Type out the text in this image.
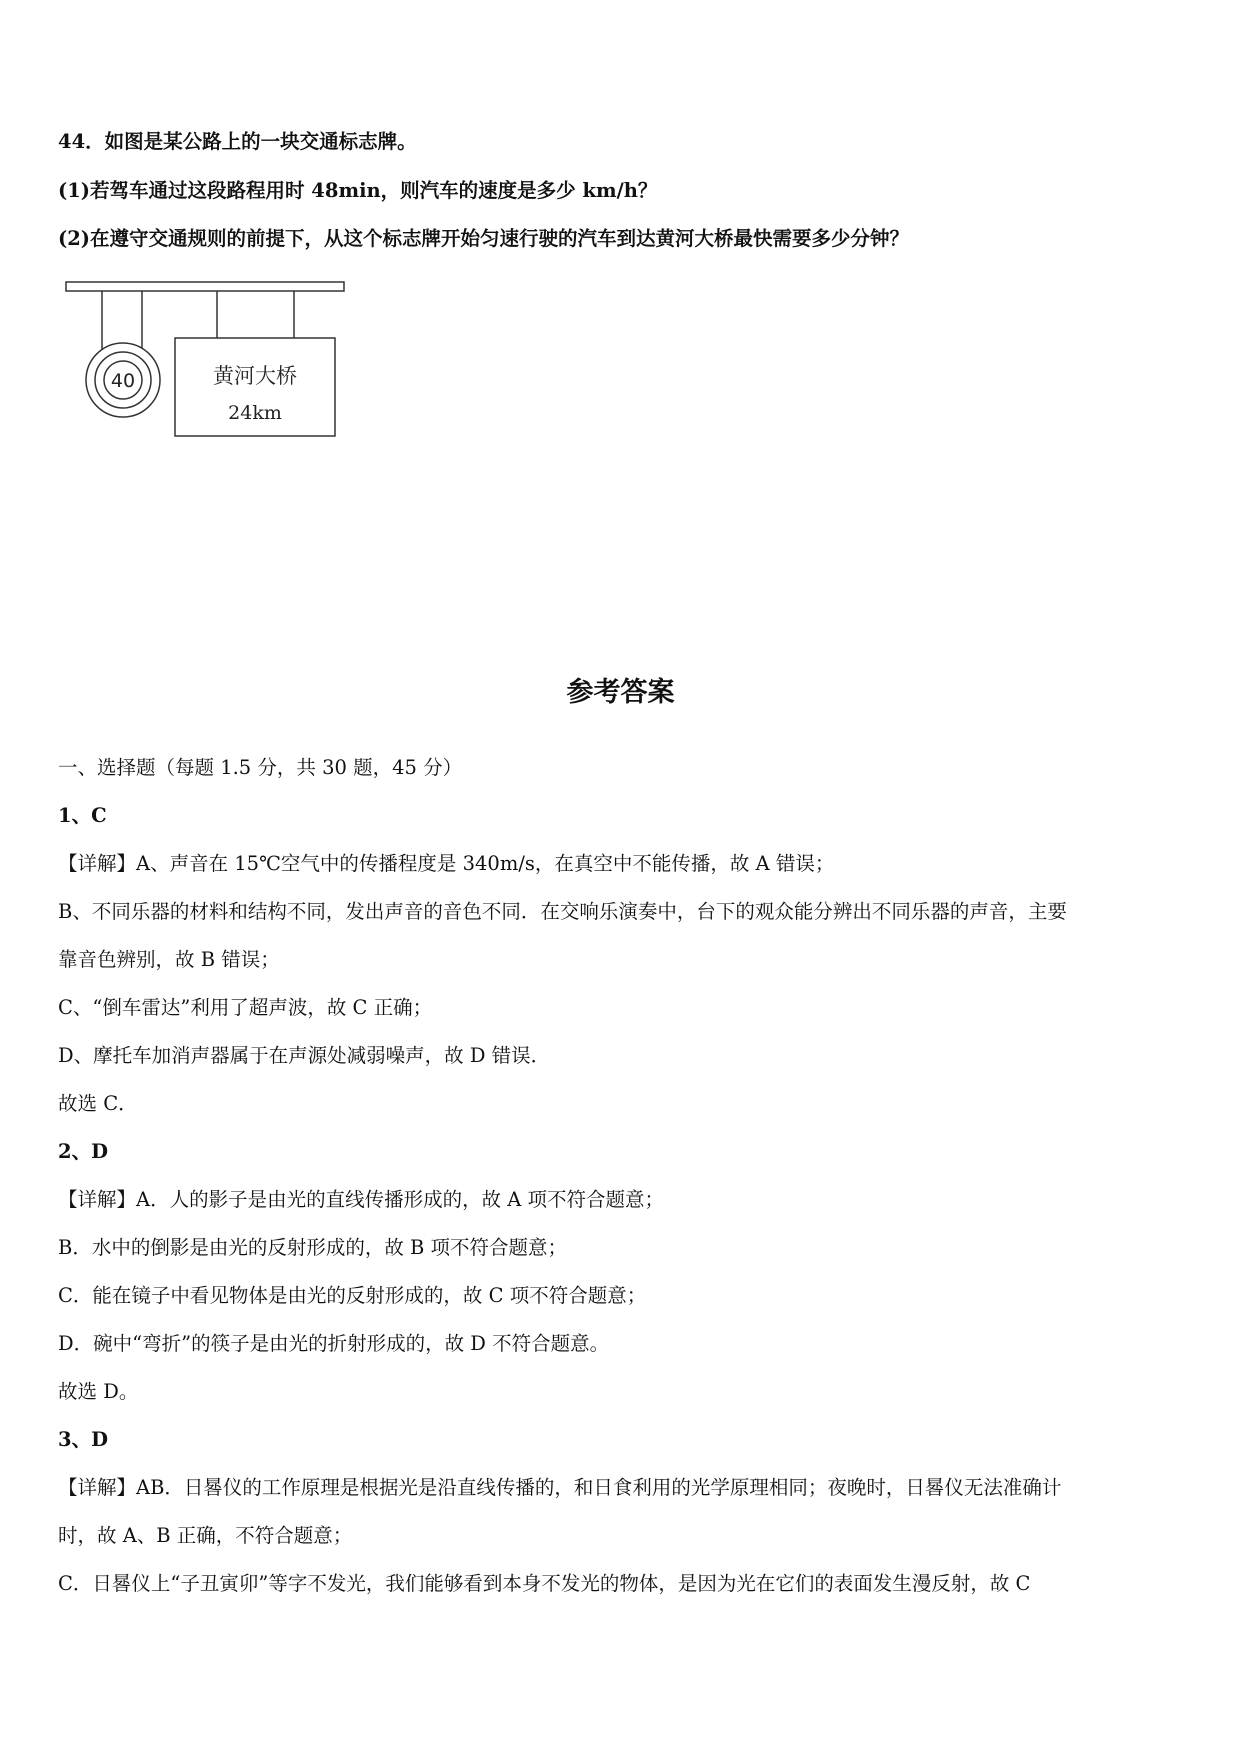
44．如图是某公路上的一块交通标志牌。
(1)若驾车通过这段路程用时 48min，则汽车的速度是多少 km/h？
(2)在遵守交通规则的前提下，从这个标志牌开始匀速行驶的汽车到达黄河大桥最快需要多少分钟？
40	黄河大桥
24km
参考答案
一、选择题（每题 1.5 分，共 30 题，45 分）
1、C
【详解】A、声音在 15℃空气中的传播程度是 340m/s，在真空中不能传播，故 A 错误；
B、不同乐器的材料和结构不同，发出声音的音色不同．在交响乐演奏中，台下的观众能分辨出不同乐器的声音，主要
靠音色辨别，故 B 错误；
C、“倒车雷达”利用了超声波，故 C 正确；
D、摩托车加消声器属于在声源处减弱噪声，故 D 错误．
故选 C．
2、D
【详解】A．人的影子是由光的直线传播形成的，故 A 项不符合题意；
B．水中的倒影是由光的反射形成的，故 B 项不符合题意；
C．能在镜子中看见物体是由光的反射形成的，故 C 项不符合题意；
D．碗中“弯折”的筷子是由光的折射形成的，故 D 不符合题意。
故选 D。
3、D
【详解】AB．日晷仪的工作原理是根据光是沿直线传播的，和日食利用的光学原理相同；夜晚时，日晷仪无法准确计
时，故 A、B 正确，不符合题意；
C．日晷仪上“子丑寅卯”等字不发光，我们能够看到本身不发光的物体，是因为光在它们的表面发生漫反射，故 C
